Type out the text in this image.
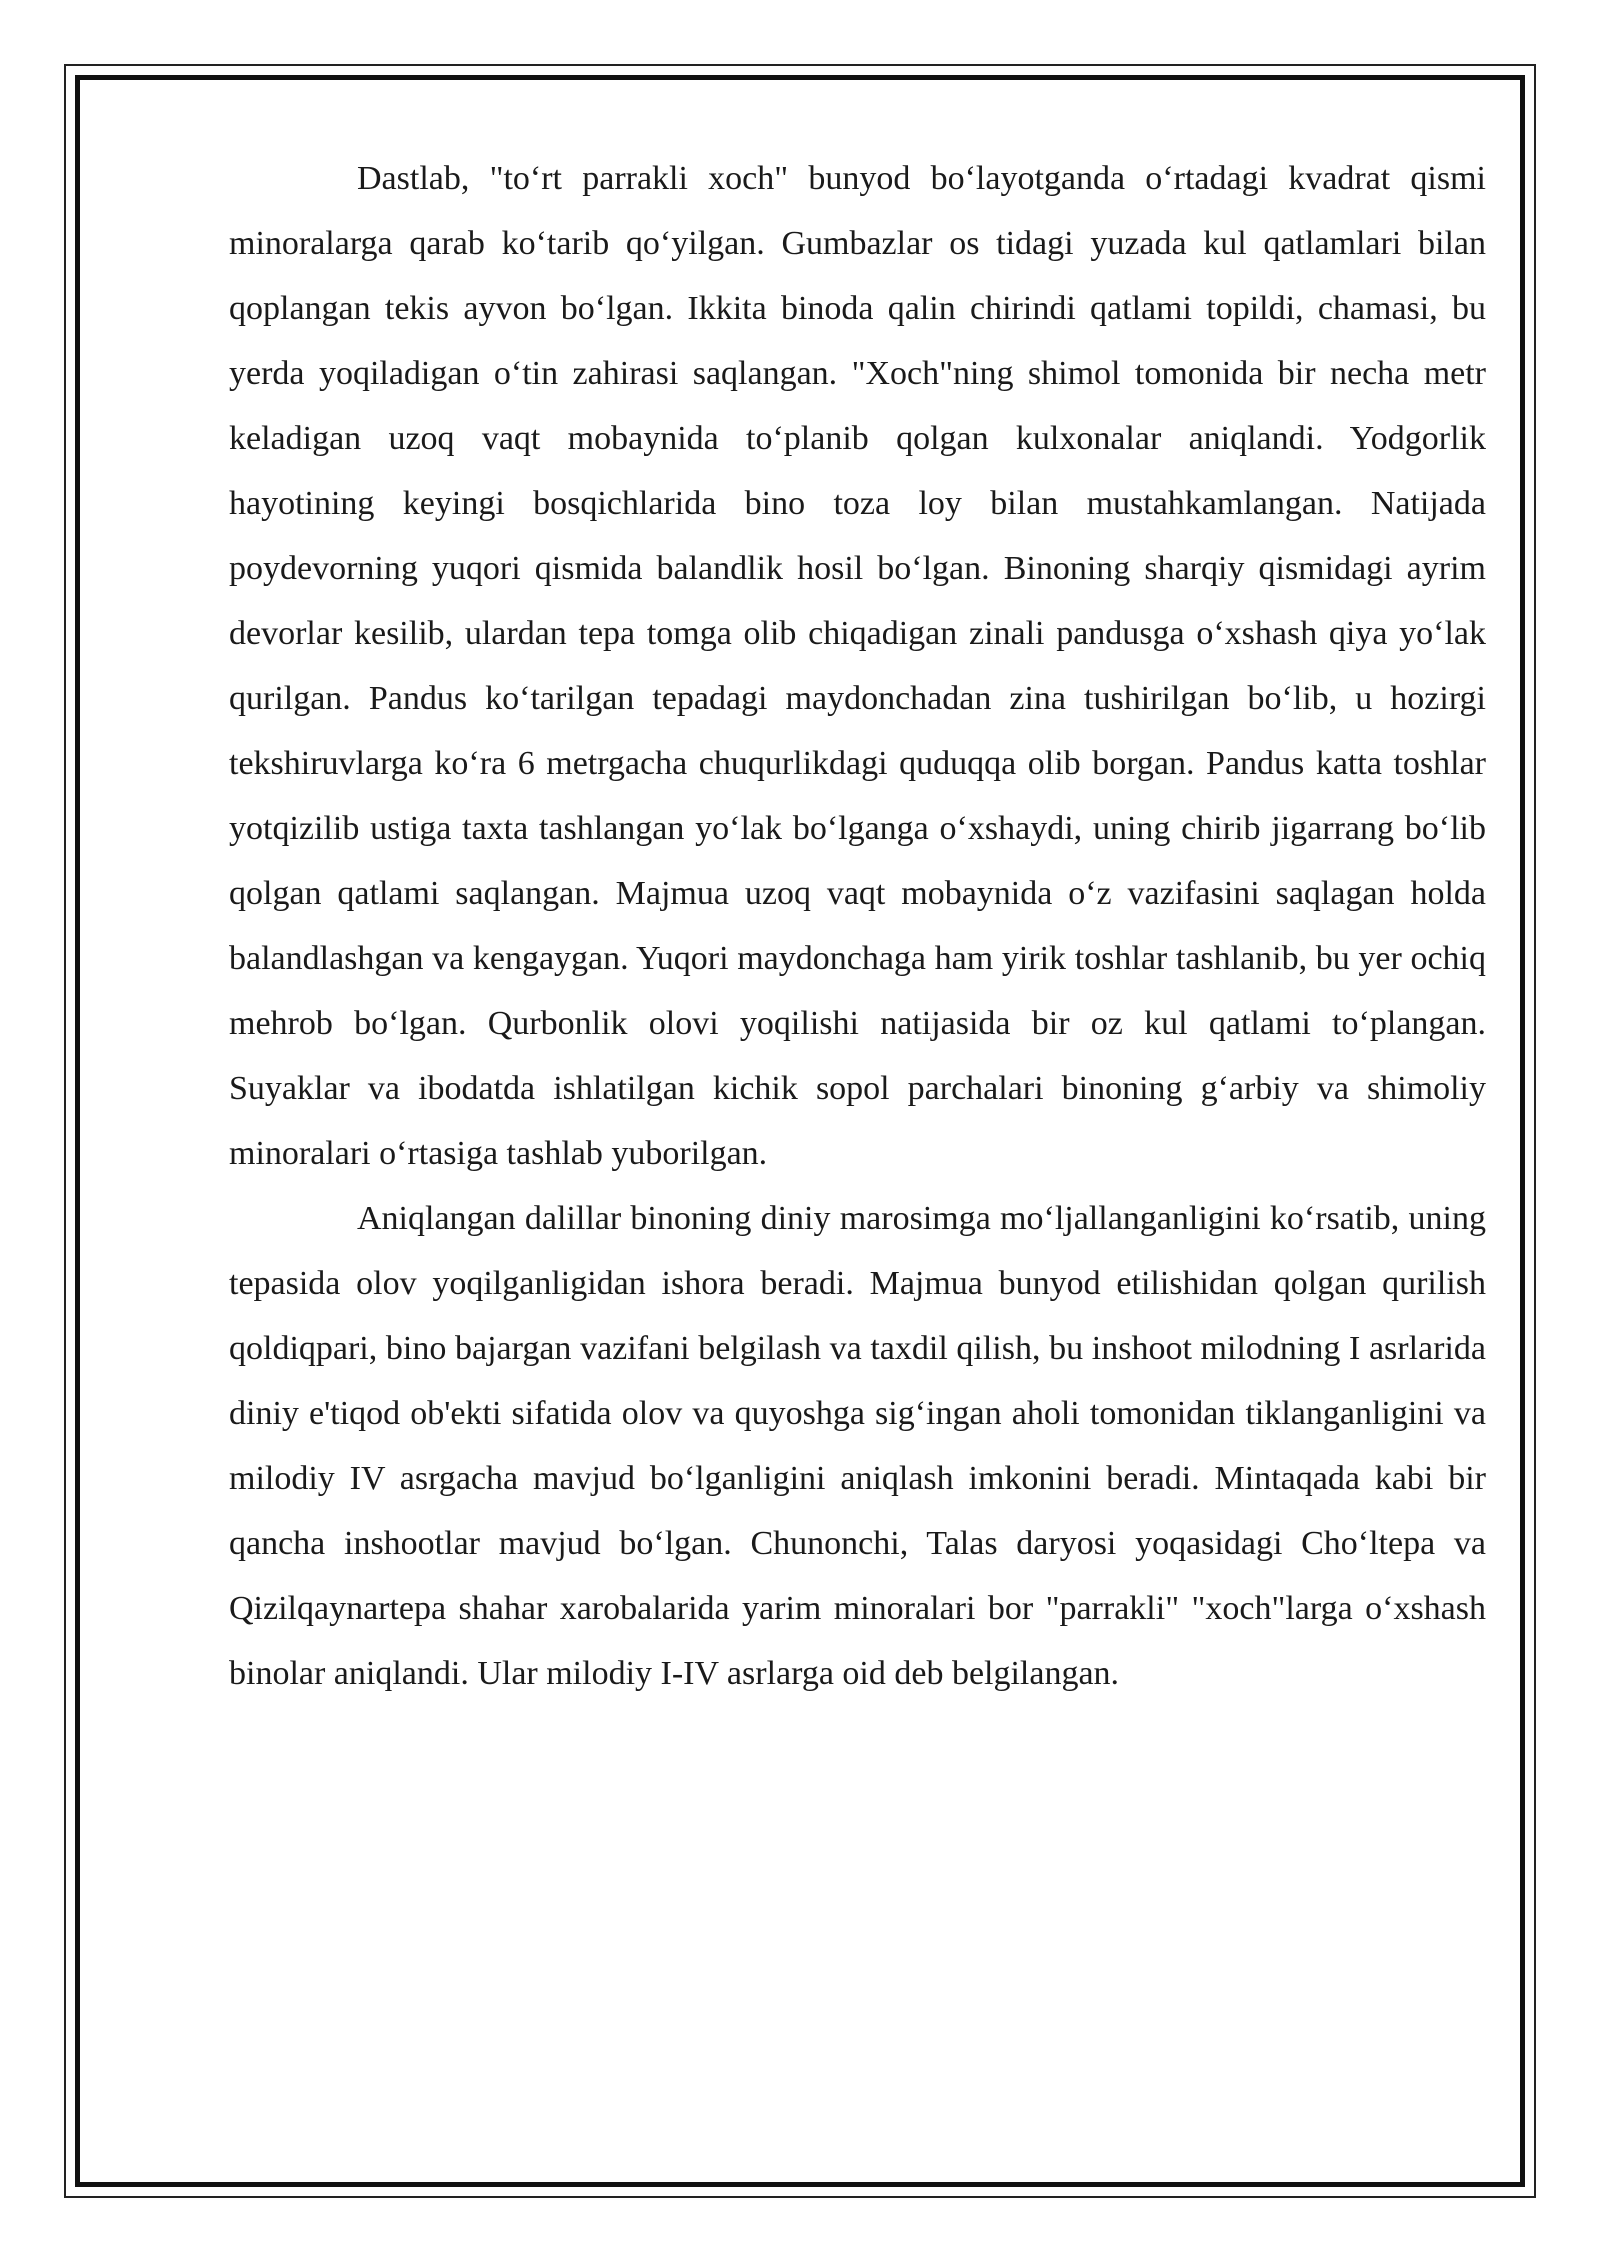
Dastlab, "to‘rt parrakli xoch" bunyod bo‘layotganda o‘rtadagi kvadrat qismi minoralarga qarab ko‘tarib qo‘yilgan. Gumbazlar os tidagi yuzada kul qatlamlari bilan qoplangan tekis ayvon bo‘lgan. Ikkita binoda qalin chirindi qatlami topildi, chamasi, bu yerda yoqiladigan o‘tin zahirasi saqlangan. "Xoch"ning shimol tomonida bir necha metr keladigan uzoq vaqt mobaynida to‘planib qolgan kulxonalar aniqlandi. Yodgorlik hayotining keyingi bosqichlarida bino toza loy bilan mustahkamlangan. Natijada poydevorning yuqori qismida balandlik hosil bo‘lgan. Binoning sharqiy qismidagi ayrim devorlar kesilib, ulardan tepa tomga olib chiqadigan zinali pandusga o‘xshash qiya yo‘lak qurilgan. Pandus ko‘tarilgan tepadagi maydonchadan zina tushirilgan bo‘lib, u hozirgi tekshiruvlarga ko‘ra 6 metrgacha chuqurlikdagi quduqqa olib borgan. Pandus katta toshlar yotqizilib ustiga taxta tashlangan yo‘lak bo‘lganga o‘xshaydi, uning chirib jigarrang bo‘lib qolgan qatlami saqlangan. Majmua uzoq vaqt mobaynida o‘z vazifasini saqlagan holda balandlashgan va kengaygan. Yuqori maydonchaga ham yirik toshlar tashlanib, bu yer ochiq mehrob bo‘lgan. Qurbonlik olovi yoqilishi natijasida bir oz kul qatlami to‘plangan. Suyaklar va ibodatda ishlatilgan kichik sopol parchalari binoning g‘arbiy va shimoliy minoralari o‘rtasiga tashlab yuborilgan.

Aniqlangan dalillar binoning diniy marosimga mo‘ljallanganligini ko‘rsatib, uning tepasida olov yoqilganligidan ishora beradi. Majmua bunyod etilishidan qolgan qurilish qoldiqpari, bino bajargan vazifani belgilash va taxdil qilish, bu inshoot milodning I asrlarida diniy e'tiqod ob'ekti sifatida olov va quyoshga sig‘ingan aholi tomonidan tiklanganligini va milodiy IV asrgacha mavjud bo‘lganligini aniqlash imkonini beradi. Mintaqada kabi bir qancha inshootlar mavjud bo‘lgan. Chunonchi, Talas daryosi yoqasidagi Cho‘ltepa va Qizilqaynartepa shahar xarobalarida yarim minoralari bor "parrakli" "xoch"larga o‘xshash binolar aniqlandi. Ular milodiy I-IV asrlarga oid deb belgilangan.
